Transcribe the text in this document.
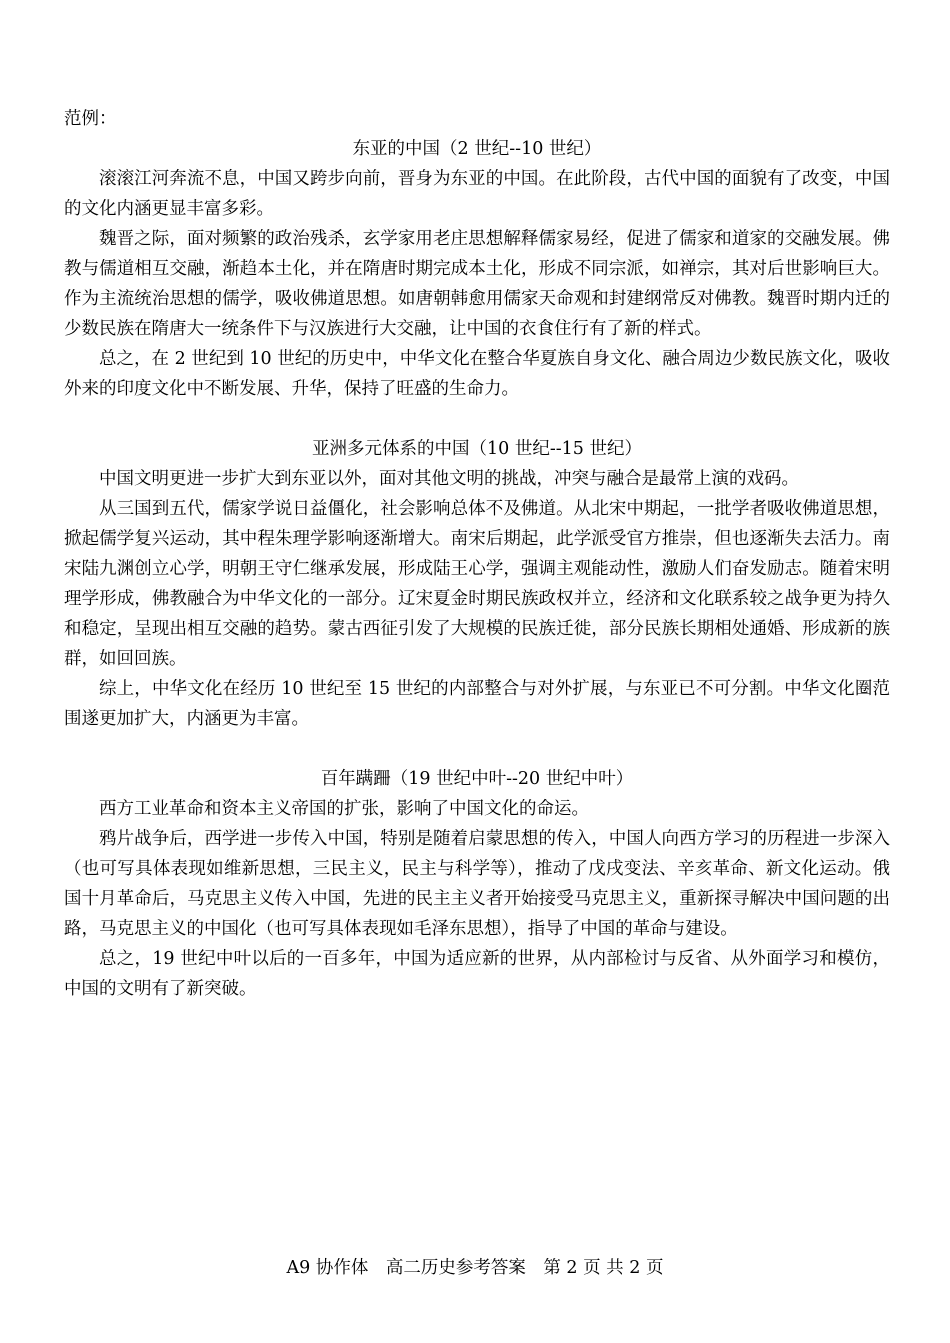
范例：

东亚的中国（2 世纪--10 世纪）

滚滚江河奔流不息，中国又跨步向前，晋身为东亚的中国。在此阶段，古代中国的面貌有了改变，中国的文化内涵更显丰富多彩。

魏晋之际，面对频繁的政治残杀，玄学家用老庄思想解释儒家易经，促进了儒家和道家的交融发展。佛教与儒道相互交融，渐趋本土化，并在隋唐时期完成本土化，形成不同宗派，如禅宗，其对后世影响巨大。作为主流统治思想的儒学，吸收佛道思想。如唐朝韩愈用儒家天命观和封建纲常反对佛教。魏晋时期内迁的少数民族在隋唐大一统条件下与汉族进行大交融，让中国的衣食住行有了新的样式。

总之，在 2 世纪到 10 世纪的历史中，中华文化在整合华夏族自身文化、融合周边少数民族文化，吸收外来的印度文化中不断发展、升华，保持了旺盛的生命力。

亚洲多元体系的中国（10 世纪--15 世纪）

中国文明更进一步扩大到东亚以外，面对其他文明的挑战，冲突与融合是最常上演的戏码。

从三国到五代，儒家学说日益僵化，社会影响总体不及佛道。从北宋中期起，一批学者吸收佛道思想，掀起儒学复兴运动，其中程朱理学影响逐渐增大。南宋后期起，此学派受官方推崇，但也逐渐失去活力。南宋陆九渊创立心学，明朝王守仁继承发展，形成陆王心学，强调主观能动性，激励人们奋发励志。随着宋明理学形成，佛教融合为中华文化的一部分。辽宋夏金时期民族政权并立，经济和文化联系较之战争更为持久和稳定，呈现出相互交融的趋势。蒙古西征引发了大规模的民族迁徙，部分民族长期相处通婚、形成新的族群，如回回族。

综上，中华文化在经历 10 世纪至 15 世纪的内部整合与对外扩展，与东亚已不可分割。中华文化圈范围遂更加扩大，内涵更为丰富。

百年蹒跚（19 世纪中叶--20 世纪中叶）

西方工业革命和资本主义帝国的扩张，影响了中国文化的命运。

鸦片战争后，西学进一步传入中国，特别是随着启蒙思想的传入，中国人向西方学习的历程进一步深入（也可写具体表现如维新思想，三民主义，民主与科学等），推动了戊戌变法、辛亥革命、新文化运动。俄国十月革命后，马克思主义传入中国，先进的民主主义者开始接受马克思主义，重新探寻解决中国问题的出路，马克思主义的中国化（也可写具体表现如毛泽东思想），指导了中国的革命与建设。

总之，19 世纪中叶以后的一百多年，中国为适应新的世界，从内部检讨与反省、从外面学习和模仿，中国的文明有了新突破。

A9 协作体　高二历史参考答案　第 2 页 共 2 页
